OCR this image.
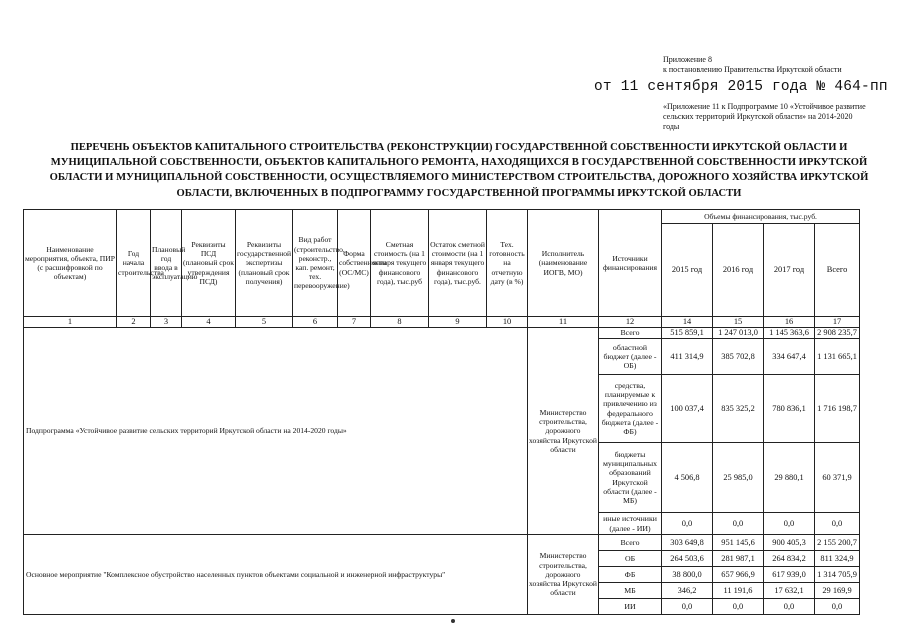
Приложение 8
к постановлению Правительства Иркутской области
от 11 сентября 2015 года № 464-пп
«Приложение 11 к Подпрограмме 10 «Устойчивое развитие сельских территорий Иркутской области» на 2014-2020 годы
ПЕРЕЧЕНЬ ОБЪЕКТОВ КАПИТАЛЬНОГО СТРОИТЕЛЬСТВА (РЕКОНСТРУКЦИИ) ГОСУДАРСТВЕННОЙ СОБСТВЕННОСТИ ИРКУТСКОЙ ОБЛАСТИ И МУНИЦИПАЛЬНОЙ СОБСТВЕННОСТИ, ОБЪЕКТОВ КАПИТАЛЬНОГО РЕМОНТА, НАХОДЯЩИХСЯ В ГОСУДАРСТВЕННОЙ СОБСТВЕННОСТИ ИРКУТСКОЙ ОБЛАСТИ И МУНИЦИПАЛЬНОЙ СОБСТВЕННОСТИ, ОСУЩЕСТВЛЯЕМОГО МИНИСТЕРСТВОМ СТРОИТЕЛЬСТВА, ДОРОЖНОГО ХОЗЯЙСТВА ИРКУТСКОЙ ОБЛАСТИ, ВКЛЮЧЕННЫХ В ПОДПРОГРАММУ ГОСУДАРСТВЕННОЙ ПРОГРАММЫ ИРКУТСКОЙ ОБЛАСТИ
Наименование мероприятия, объекта, ПИР (с расшифровкой по объектам)	Год начала строительства	Плановый год ввода в эксплуатацию	Реквизиты ПСД (плановый срок утверждения ПСД)	Реквизиты государственной экспертизы (плановый срок получения)	Вид работ (строительство, реконстр., кап. ремонт, тех. перевооружение)	Форма собственности (ОС/МС)	Сметная стоимость (на 1 января текущего финансового года), тыс.руб	Остаток сметной стоимости (на 1 января текущего финансового года), тыс.руб.	Тех. готовность на отчетную дату (в %)	Исполнитель (наименование ИОГВ, МО)	Источники финансирования	Объемы финансирования, тыс.руб.			
												2015 год	2016 год	2017 год	Всего
1	2	3	4	5	6	7	8	9	10	11	12	14	15	16	17
Подпрограмма «Устойчивое развитие сельских территорий Иркутской области на 2014-2020 годы»										Министерство строительства, дорожного хозяйства Иркутской области	Всего	515 859,1	1 247 013,0	1 145 363,6	2 908 235,7
											областной бюджет (далее - ОБ)	411 314,9	385 702,8	334 647,4	1 131 665,1
											средства, планируемые к привлечению из федерального бюджета (далее - ФБ)	100 037,4	835 325,2	780 836,1	1 716 198,7
											бюджеты муниципальных образований Иркутской области (далее - МБ)	4 506,8	25 985,0	29 880,1	60 371,9
											иные источники (далее - ИИ)	0,0	0,0	0,0	0,0
Основное мероприятие "Комплексное обустройство населенных пунктов объектами социальной и инженерной инфраструктуры"										Министерство строительства, дорожного хозяйства Иркутской области	Всего	303 649,8	951 145,6	900 405,3	2 155 200,7
											ОБ	264 503,6	281 987,1	264 834,2	811 324,9
											ФБ	38 800,0	657 966,9	617 939,0	1 314 705,9
											МБ	346,2	11 191,6	17 632,1	29 169,9
											ИИ	0,0	0,0	0,0	0,0
